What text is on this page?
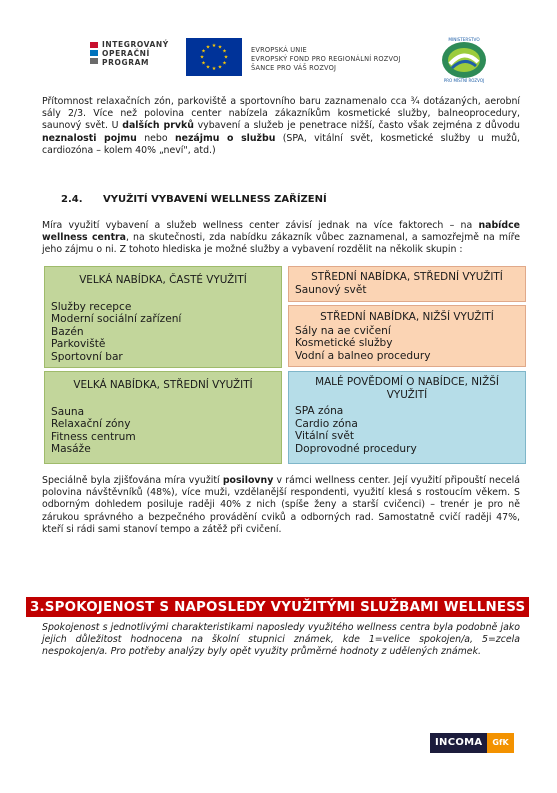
INTEGROVANÝ
OPERAČNÍ
PROGRAM
★ ★
★
★
★
★
★
★
★
★
★
★	EVROPSKÁ UNIE
EVROPSKÝ FOND PRO REGIONÁLNÍ ROZVOJ
ŠANCE PRO VÁŠ ROZVOJ
MINISTERSTVO
PRO MÍSTNÍ ROZVOJ
Přítomnost relaxačních zón, parkoviště a sportovního baru zaznamenalo cca ¾ dotázaných, aerobní sály 2/3. Více než polovina center nabízela zákazníkům kosmetické služby, balneoprocedury, saunový svět. U dalších prvků vybavení a služeb je penetrace nižší, často však zejména z důvodu neznalosti pojmu nebo nezájmu o službu (SPA, vitální svět, kosmetické služby u mužů, cardiozóna – kolem 40% „neví", atd.)
2.4. VYUŽITÍ VYBAVENÍ WELLNESS ZAŘÍZENÍ
Míra využití vybavení a služeb wellness center závisí jednak na více faktorech – na nabídce wellness centra, na skutečnosti, zda nabídku zákazník vůbec zaznamenal, a samozřejmě na míře jeho zájmu o ni. Z tohoto hlediska je možné služby a vybavení rozdělit na několik skupin :
VELKÁ NABÍDKA, ČASTÉ VYUŽITÍ
Služby recepce
Moderní sociální zařízení
Bazén
Parkoviště
Sportovní bar
STŘEDNÍ NABÍDKA, STŘEDNÍ VYUŽITÍ
Saunový svět
STŘEDNÍ NABÍDKA, NIŽŠÍ VYUŽITÍ
Sály na ae cvičení
Kosmetické služby
Vodní a balneo procedury
VELKÁ NABÍDKA, STŘEDNÍ VYUŽITÍ
Sauna
Relaxační zóny
Fitness centrum
Masáže
MALÉ POVĚDOMÍ O NABÍDCE, NIŽŠÍ VYUŽITÍ
SPA zóna
Cardio zóna
Vitální svět
Doprovodné procedury
Speciálně byla zjišťována míra využití posilovny v rámci wellness center. Její využití připouští necelá polovina návštěvníků (48%), více muži, vzdělanější respondenti, využití klesá s rostoucím věkem. S odborným dohledem posiluje raději 40% z nich (spíše ženy a starší cvičenci) – trenér je pro ně zárukou správného a bezpečného provádění cviků a odborných rad. Samostatně cvičí raději 47%, kteří si rádi sami stanoví tempo a zátěž při cvičení.
3.SPOKOJENOST S NAPOSLEDY VYUŽITÝMI SLUŽBAMI WELLNESS
Spokojenost s jednotlivými charakteristikami naposledy využitého wellness centra byla podobně jako jejich důležitost hodnocena na školní stupnici známek, kde 1=velice spokojen/a, 5=zcela nespokojen/a. Pro potřeby analýzy byly opět využity průměrné hodnoty z udělených známek.
INCOMA	GfK
